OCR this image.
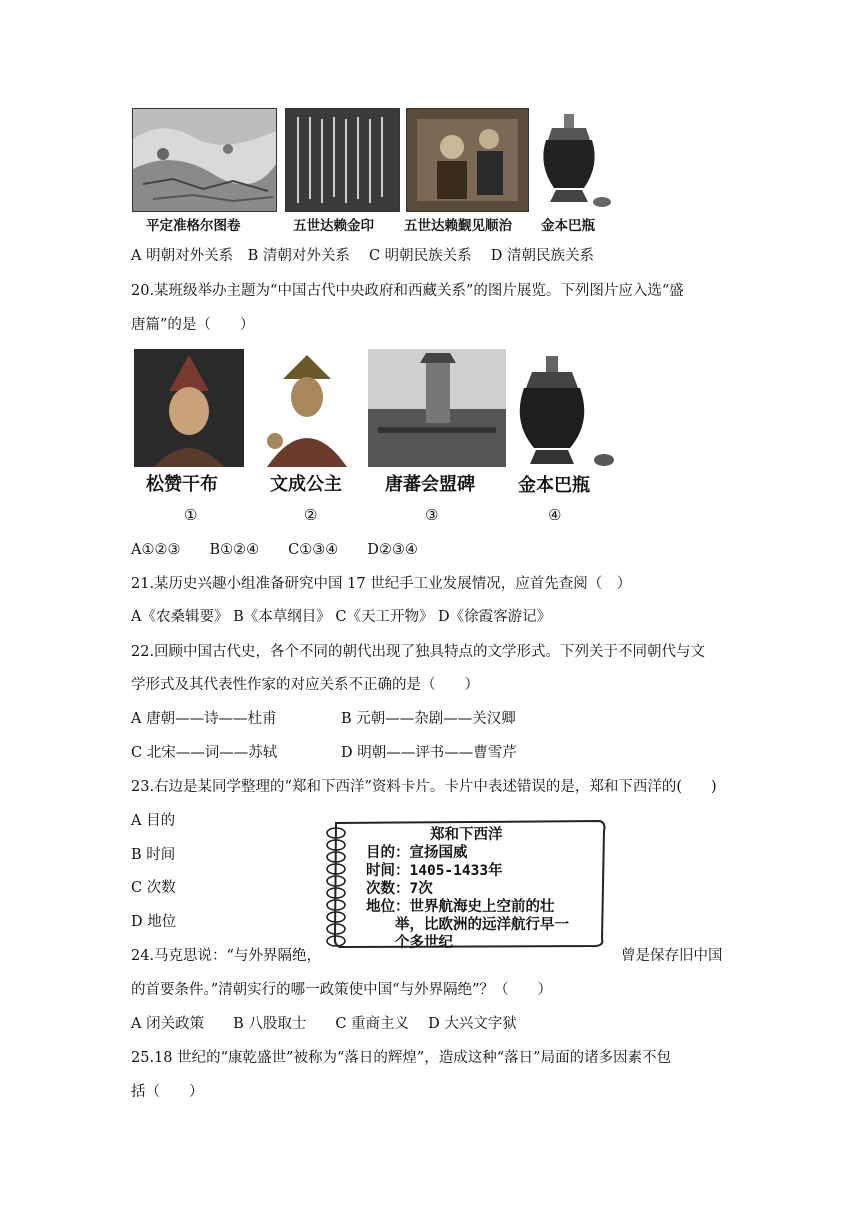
平定准格尔图卷	五世达赖金印 五世达赖觐见顺治 金本巴瓶
A 明朝对外关系　B 清朝对外关系　 C 明朝民族关系　 D 清朝民族关系
20.某班级举办主题为“中国古代中央政府和西藏关系”的图片展览。下列图片应入选“盛
唐篇”的是（　　）
松赞干布	文成公主 唐蕃会盟碑 金本巴瓶
①	②	③	④
A①②③　　B①②④　　C①③④　　D②③④
21.某历史兴趣小组准备研究中国 17 世纪手工业发展情况，应首先查阅（　）
A《农桑辑要》 B《本草纲目》 C《天工开物》 D《徐霞客游记》
22.回顾中国古代史，各个不同的朝代出现了独具特点的文学形式。下列关于不同朝代与文
学形式及其代表性作家的对应关系不正确的是（　　）
A 唐朝——诗——杜甫	B 元朝——杂剧——关汉卿
C 北宋——词——苏轼	D 明朝——评书——曹雪芹
23.右边是某同学整理的“郑和下西洋”资料卡片。卡片中表述错误的是，郑和下西洋的(　　)
A 目的
B 时间
C 次数
D 地位
郑和下西洋
目的：宣扬国威
时间：1405-1433年
次数：7次
地位：世界航海史上空前的壮
　　举，比欧洲的远洋航行早一
　　个多世纪
24.马克思说：“与外界隔绝，	曾是保存旧中国
的首要条件。”清朝实行的哪一政策使中国“与外界隔绝”？（　　）
A 闭关政策　　B 八股取士　　C 重商主义　 D 大兴文字狱
25.18 世纪的“康乾盛世”被称为“落日的辉煌”，造成这种“落日”局面的诸多因素不包
括（　　）
